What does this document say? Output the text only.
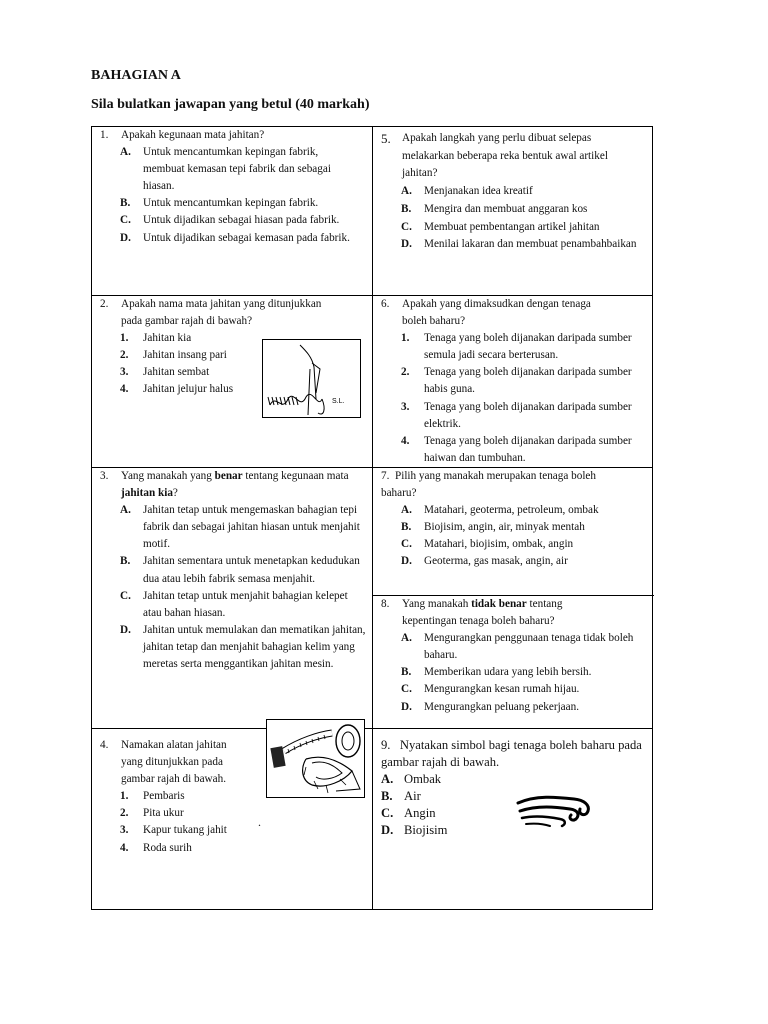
BAHAGIAN A
Sila bulatkan jawapan yang betul (40 markah)
1. Apakah kegunaan mata jahitan?
A. Untuk mencantumkan kepingan fabrik, membuat kemasan tepi fabrik dan sebagai hiasan.
B. Untuk mencantumkan kepingan fabrik.
C. Untuk dijadikan sebagai hiasan pada fabrik.
D. Untuk dijadikan sebagai kemasan pada fabrik.
2. Apakah nama mata jahitan yang ditunjukkan pada gambar rajah di bawah?
1. Jahitan kia
2. Jahitan insang pari
3. Jahitan sembat
4. Jahitan jelujur halus
S.L.
3. Yang manakah yang benar tentang kegunaan mata jahitan kia?
A. Jahitan tetap untuk mengemaskan bahagian tepi fabrik dan sebagai jahitan hiasan untuk menjahit motif.
B. Jahitan sementara untuk menetapkan kedudukan dua atau lebih fabrik semasa menjahit.
C. Jahitan tetap untuk menjahit bahagian kelepet atau bahan hiasan.
D. Jahitan untuk memulakan dan mematikan jahitan, jahitan tetap dan menjahit bahagian kelim yang meretas serta menggantikan jahitan mesin.
4. Namakan alatan jahitan yang ditunjukkan pada gambar rajah di bawah.
1. Pembaris
2. Pita ukur
3. Kapur tukang jahit
4. Roda surih
.
5. Apakah langkah yang perlu dibuat selepas melakarkan beberapa reka bentuk awal artikel jahitan?
A. Menjanakan idea kreatif
B. Mengira dan membuat anggaran kos
C. Membuat pembentangan artikel jahitan
D. Menilai lakaran dan membuat penambahbaikan
6. Apakah yang dimaksudkan dengan tenaga boleh baharu?
1. Tenaga yang boleh dijanakan daripada sumber semula jadi secara berterusan.
2. Tenaga yang boleh dijanakan daripada sumber habis guna.
3. Tenaga yang boleh dijanakan daripada sumber elektrik.
4. Tenaga yang boleh dijanakan daripada sumber haiwan dan tumbuhan.
7. Pilih yang manakah merupakan tenaga boleh baharu?
A. Matahari, geoterma, petroleum, ombak
B. Biojisim, angin, air, minyak mentah
C. Matahari, biojisim, ombak, angin
D. Geoterma, gas masak, angin, air
8. Yang manakah tidak benar tentang kepentingan tenaga boleh baharu?
A. Mengurangkan penggunaan tenaga tidak boleh baharu.
B. Memberikan udara yang lebih bersih.
C. Mengurangkan kesan rumah hijau.
D. Mengurangkan peluang pekerjaan.
9. Nyatakan simbol bagi tenaga boleh baharu pada gambar rajah di bawah.
A. Ombak
B. Air
C. Angin
D. Biojisim
